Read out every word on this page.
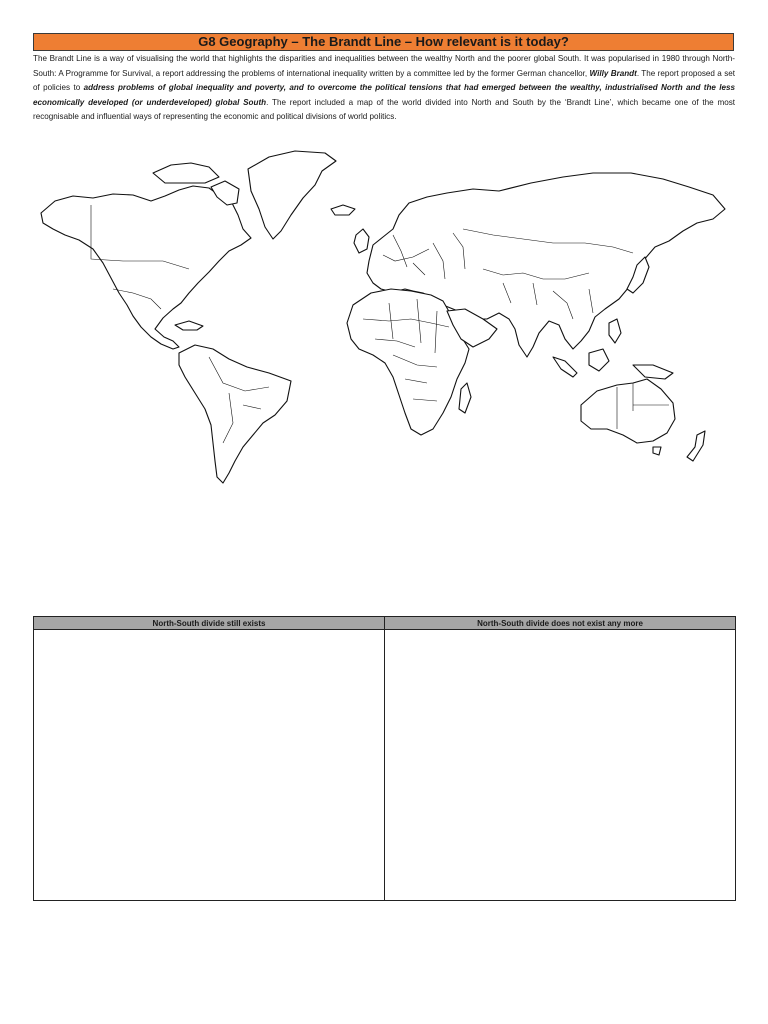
G8 Geography – The Brandt Line – How relevant is it today?

The Brandt Line is a way of visualising the world that highlights the disparities and inequalities between the wealthy North and the poorer global South. It was popularised in 1980 through North-South: A Programme for Survival, a report addressing the problems of international inequality written by a committee led by the former German chancellor, Willy Brandt. The report proposed a set of policies to address problems of global inequality and poverty, and to overcome the political tensions that had emerged between the wealthy, industrialised North and the less economically developed (or underdeveloped) global South. The report included a map of the world divided into North and South by the ‘Brandt Line’, which became one of the most recognisable and influential ways of representing the economic and political divisions of world politics.

North-South divide still exists	North-South divide does not exist any more
